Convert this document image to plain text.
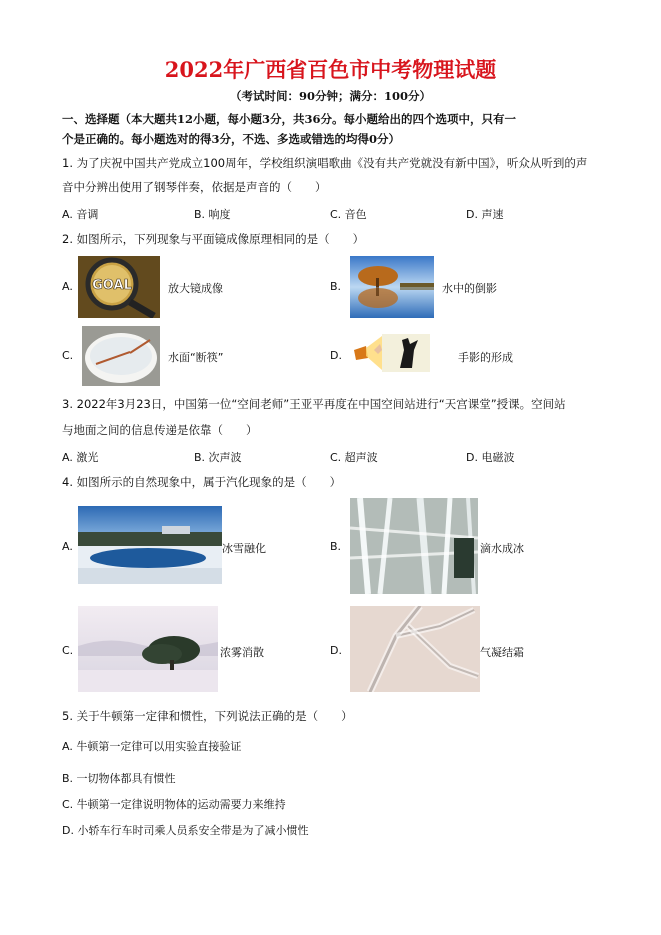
2022年广西省百色市中考物理试题
（考试时间：90分钟；满分：100分）
一、选择题（本大题共12小题，每小题3分，共36分。每小题给出的四个选项中，只有一
个是正确的。每小题选对的得3分，不选、多选或错选的均得0分）
1. 为了庆祝中国共产党成立100周年，学校组织演唱歌曲《没有共产党就没有新中国》，听众从听到的声
音中分辨出使用了钢琴伴奏，依据是声音的（　　）
A. 音调	B. 响度	C. 音色	D. 声速
2. 如图所示，下列现象与平面镜成像原理相同的是（　　）
A. GOAL	放大镜成像	B.	水中的倒影
C.	水面“断筷”	D.	手影的形成
3. 2022年3月23日，中国第一位“空间老师”王亚平再度在中国空间站进行“天宫课堂”授课。空间站
与地面之间的信息传递是依靠（　　）
A. 激光	B. 次声波	C. 超声波	D. 电磁波
4. 如图所示的自然现象中，属于汽化现象的是（　　）
A.	冰雪融化	B.	滴水成冰
C.	浓雾消散	D.	气凝结霜
5. 关于牛顿第一定律和惯性，下列说法正确的是（　　）
A. 牛顿第一定律可以用实验直接验证
B. 一切物体都具有惯性
C. 牛顿第一定律说明物体的运动需要力来维持
D. 小轿车行车时司乘人员系安全带是为了减小惯性
